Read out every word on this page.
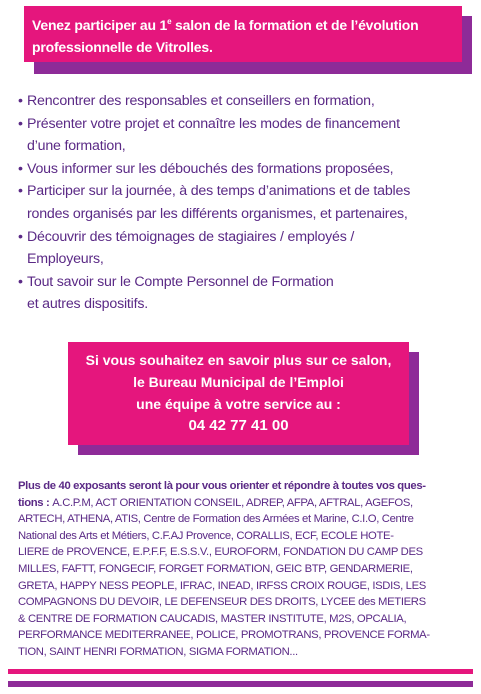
Venez participer au 1e salon de la formation et de l’évolution
professionnelle de Vitrolles.
• Rencontrer des responsables et conseillers en formation,
• Présenter votre projet et connaître les modes de financement
d’une formation,
• Vous informer sur les débouchés des formations proposées,
• Participer sur la journée, à des temps d’animations et de tables
rondes organisés par les différents organismes, et partenaires,
• Découvrir des témoignages de stagiaires / employés /
Employeurs,
• Tout savoir sur le Compte Personnel de Formation
et autres dispositifs.
Si vous souhaitez en savoir plus sur ce salon,
le Bureau Municipal de l’Emploi
une équipe à votre service au :
04 42 77 41 00
Plus de 40 exposants seront là pour vous orienter et répondre à toutes vos ques-
tions : A.C.P.M, ACT ORIENTATION CONSEIL, ADREP, AFPA, AFTRAL, AGEFOS,
ARTECH, ATHENA, ATIS, Centre de Formation des Armées et Marine, C.I.O, Centre
National des Arts et Métiers, C.F.AJ Provence, CORALLIS, ECF, ECOLE HOTE-
LIERE de PROVENCE, E.P.F.F, E.S.S.V., EUROFORM, FONDATION DU CAMP DES
MILLES, FAFTT, FONGECIF, FORGET FORMATION, GEIC BTP, GENDARMERIE,
GRETA, HAPPY NESS PEOPLE, IFRAC, INEAD, IRFSS CROIX ROUGE, ISDIS, LES
COMPAGNONS DU DEVOIR, LE DEFENSEUR DES DROITS, LYCEE des METIERS
& CENTRE DE FORMATION CAUCADIS, MASTER INSTITUTE, M2S, OPCALIA,
PERFORMANCE MEDITERRANEE, POLICE, PROMOTRANS, PROVENCE FORMA-
TION, SAINT HENRI FORMATION, SIGMA FORMATION...
